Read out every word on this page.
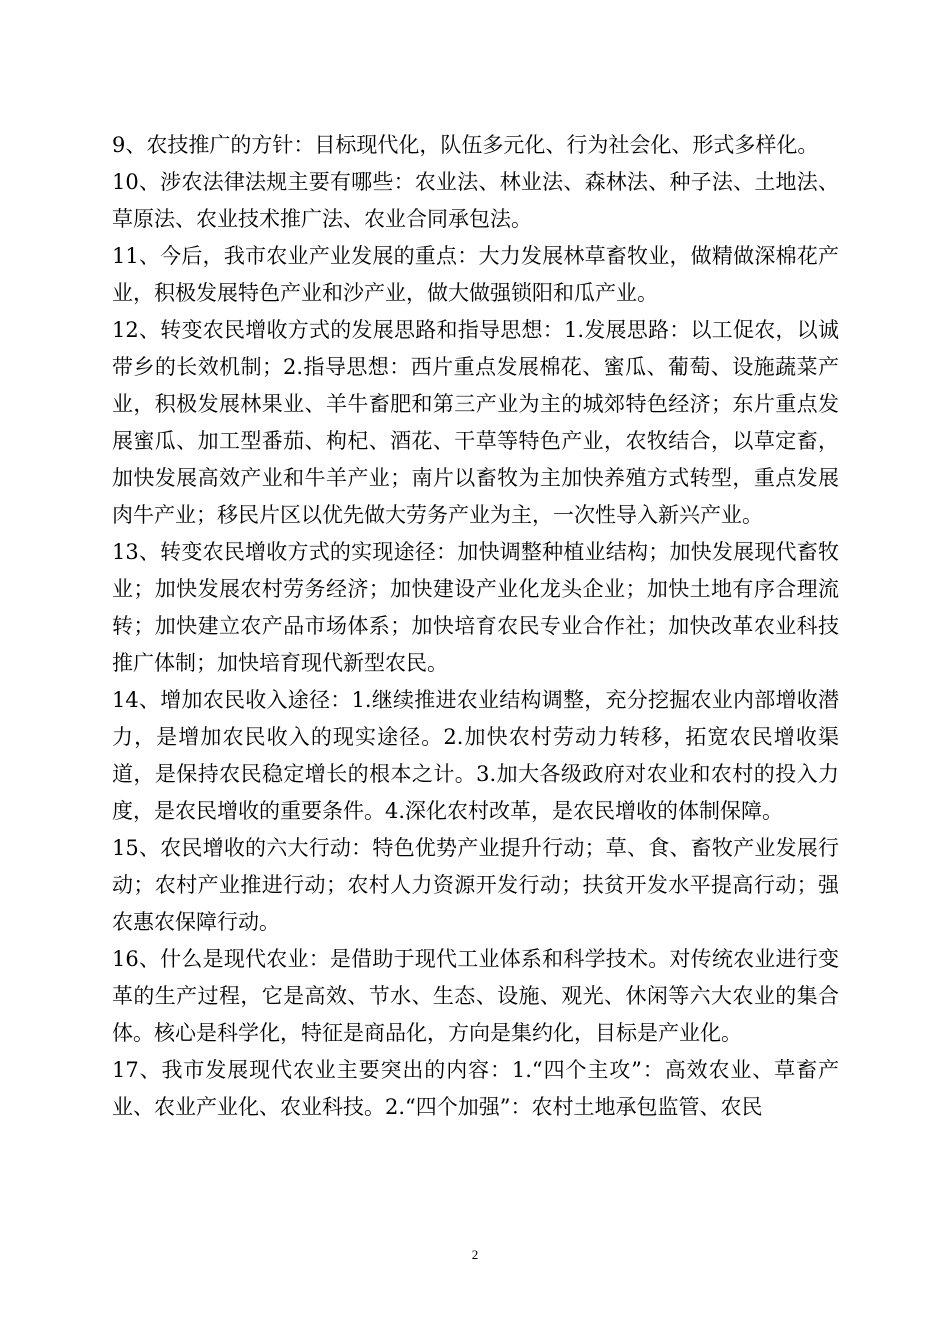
9、农技推广的方针：目标现代化，队伍多元化、行为社会化、形式多样化。

10、涉农法律法规主要有哪些：农业法、林业法、森林法、种子法、土地法、草原法、农业技术推广法、农业合同承包法。

11、今后，我市农业产业发展的重点：大力发展林草畜牧业，做精做深棉花产业，积极发展特色产业和沙产业，做大做强锁阳和瓜产业。

12、转变农民增收方式的发展思路和指导思想：1.发展思路：以工促农，以诚带乡的长效机制；2.指导思想：西片重点发展棉花、蜜瓜、葡萄、设施蔬菜产业，积极发展林果业、羊牛畜肥和第三产业为主的城郊特色经济；东片重点发展蜜瓜、加工型番茄、枸杞、酒花、干草等特色产业，农牧结合，以草定畜，加快发展高效产业和牛羊产业；南片以畜牧为主加快养殖方式转型，重点发展肉牛产业；移民片区以优先做大劳务产业为主，一次性导入新兴产业。

13、转变农民增收方式的实现途径：加快调整种植业结构；加快发展现代畜牧业；加快发展农村劳务经济；加快建设产业化龙头企业；加快土地有序合理流转；加快建立农产品市场体系；加快培育农民专业合作社；加快改革农业科技推广体制；加快培育现代新型农民。

14、增加农民收入途径：1.继续推进农业结构调整，充分挖掘农业内部增收潜力，是增加农民收入的现实途径。2.加快农村劳动力转移，拓宽农民增收渠道，是保持农民稳定增长的根本之计。3.加大各级政府对农业和农村的投入力度，是农民增收的重要条件。4.深化农村改革，是农民增收的体制保障。

15、农民增收的六大行动：特色优势产业提升行动；草、食、畜牧产业发展行动；农村产业推进行动；农村人力资源开发行动；扶贫开发水平提高行动；强农惠农保障行动。

16、什么是现代农业：是借助于现代工业体系和科学技术。对传统农业进行变革的生产过程，它是高效、节水、生态、设施、观光、休闲等六大农业的集合体。核心是科学化，特征是商品化，方向是集约化，目标是产业化。

17、我市发展现代农业主要突出的内容：1.“四个主攻”：高效农业、草畜产业、农业产业化、农业科技。2.“四个加强”：农村土地承包监管、农民

2
